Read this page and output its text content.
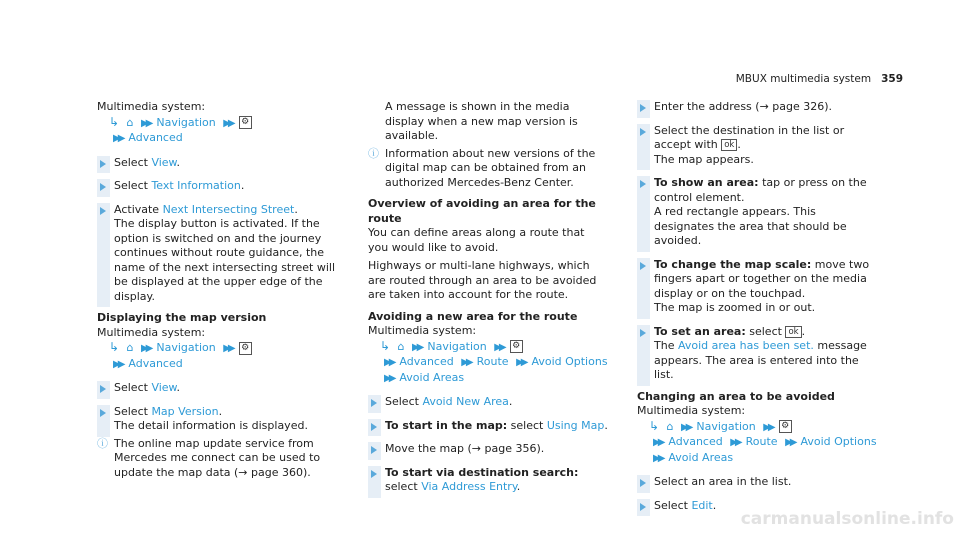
MBUX multimedia system 359

Multimedia system:

↳ ⌂ ▶▶ Navigation ▶▶ ⚙

▶▶ Advanced

Select View.
Select Text Information.
Activate Next Intersecting Street.

The display button is activated. If the option is switched on and the journey continues without route guidance, the name of the next intersecting street will be displayed at the upper edge of the display.

Displaying the map version

Multimedia system:

↳ ⌂ ▶▶ Navigation ▶▶ ⚙

▶▶ Advanced

Select View.
Select Map Version.

The detail information is displayed.

ⓘ The online map update service from Mercedes me connect can be used to update the map data (→ page 360).

A message is shown in the media display when a new map version is available.

ⓘ Information about new versions of the digital map can be obtained from an authorized Mercedes-Benz Center.
Overview of avoiding an area for the route

You can define areas along a route that you would like to avoid.

Highways or multi-lane highways, which are routed through an area to be avoided are taken into account for the route.

Avoiding a new area for the route

Multimedia system:

↳ ⌂ ▶▶ Navigation ▶▶ ⚙

▶▶ Advanced ▶▶ Route ▶▶ Avoid Options

▶▶ Avoid Areas

Select Avoid New Area.
To start in the map: select Using Map.
Move the map (→ page 356).
To start via destination search: select Via Address Entry.
Enter the address (→ page 326).
Select the destination in the list or accept with ok .

The map appears.

To show an area: tap or press on the control element.

A red rectangle appears. This designates the area that should be avoided.

To change the map scale: move two fingers apart or together on the media display or on the touchpad.

The map is zoomed in or out.

To set an area: select ok .

The Avoid area has been set. message appears. The area is entered into the list.

Changing an area to be avoided

Multimedia system:

↳ ⌂ ▶▶ Navigation ▶▶ ⚙

▶▶ Advanced ▶▶ Route ▶▶ Avoid Options

▶▶ Avoid Areas

Select an area in the list.
Select Edit.
carmanualsonline.info
